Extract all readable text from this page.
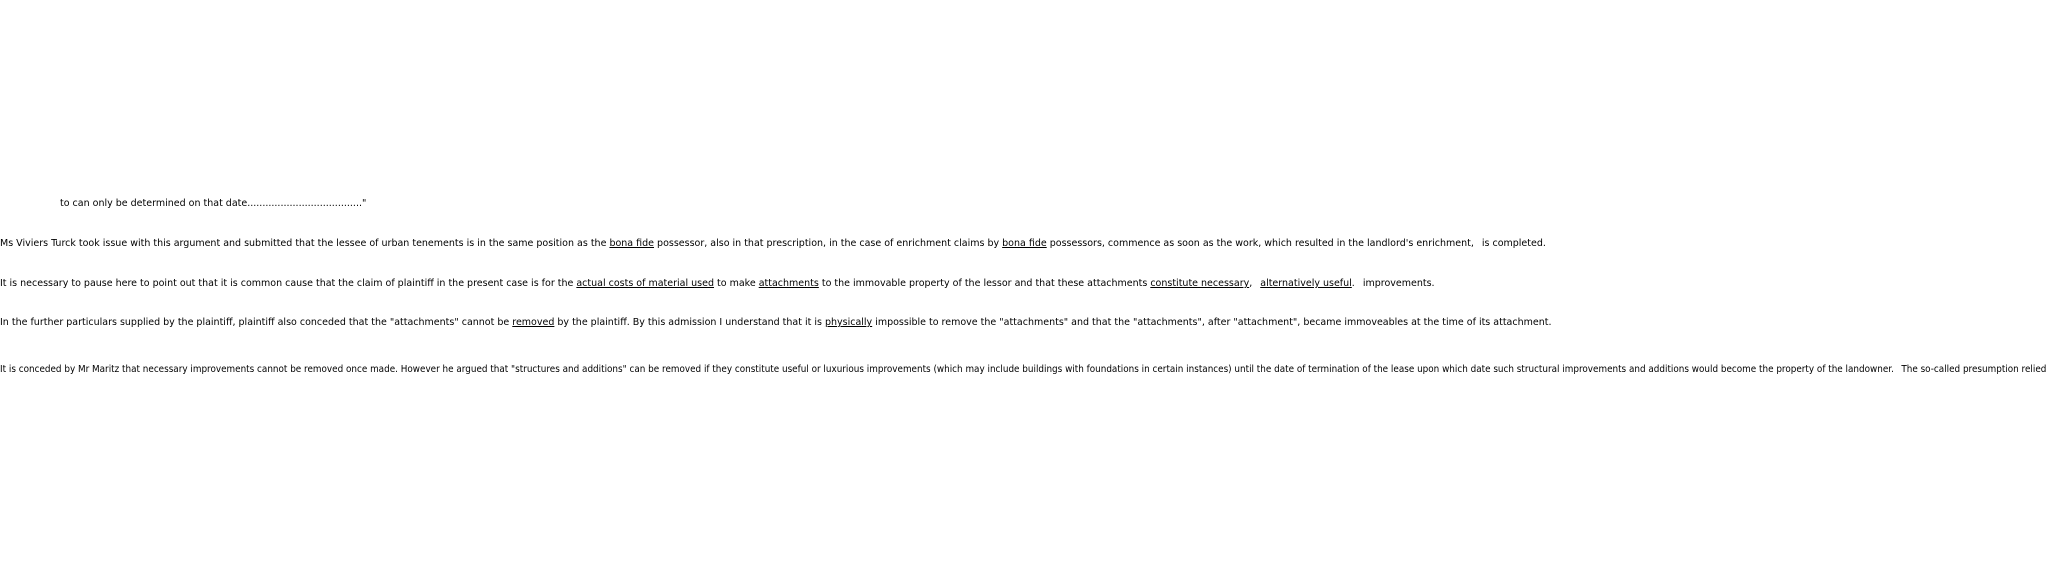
to can only be determined on that date......................................"
Ms Viviers Turck took issue with this argument and submitted that the lessee of urban tenements is in the same position as the bona fide possessor, also in that prescription, in the case of enrichment claims by bona fide possessors, commence as soon as the work, which resulted in the landlord's enrichment, is completed.
It is necessary to pause here to point out that it is common cause that the claim of plaintiff in the present case is for the actual costs of material used to make attachments to the immovable property of the lessor and that these attachments constitute necessary, alternatively useful. improvements.
In the further particulars supplied by the plaintiff, plaintiff also conceded that the "attachments" cannot be removed by the plaintiff. By this admission I understand that it is physically impossible to remove the "attachments" and that the "attachments", after "attachment", became immoveables at the time of its attachment.
It is conceded by Mr Maritz that necessary improvements cannot be removed once made. However he argued that "structures and additions" can be removed if they constitute useful or luxurious improvements (which may include buildings with foundations in certain instances) until the date of termination of the lease upon which date such structural improvements and additions would become the property of the landowner. The so-called presumption relied
